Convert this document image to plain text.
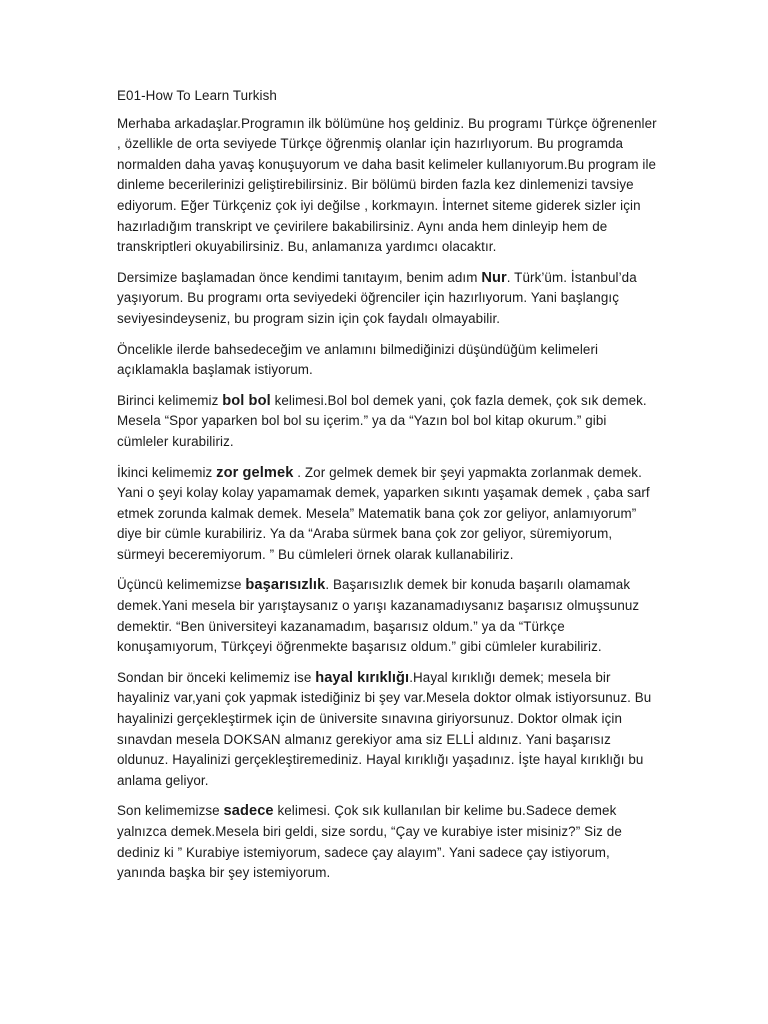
E01-How To Learn Turkish

Merhaba arkadaşlar.Programın ilk bölümüne hoş geldiniz. Bu programı Türkçe öğrenenler , özellikle de orta seviyede Türkçe öğrenmiş olanlar için hazırlıyorum. Bu programda normalden daha yavaş konuşuyorum ve daha basit kelimeler kullanıyorum.Bu program ile dinleme becerilerinizi geliştirebilirsiniz. Bir bölümü birden fazla kez dinlemenizi tavsiye ediyorum. Eğer Türkçeniz çok iyi değilse , korkmayın. İnternet siteme giderek sizler için hazırladığım transkript ve çevirilere bakabilirsiniz. Aynı anda hem dinleyip hem de transkriptleri okuyabilirsiniz. Bu, anlamanıza yardımcı olacaktır.

Dersimize başlamadan önce kendimi tanıtayım, benim adım Nur. Türk’üm. İstanbul’da yaşıyorum. Bu programı orta seviyedeki öğrenciler için hazırlıyorum. Yani başlangıç seviyesindeyseniz, bu program sizin için çok faydalı olmayabilir.

Öncelikle ilerde bahsedeceğim ve anlamını bilmediğinizi düşündüğüm kelimeleri açıklamakla başlamak istiyorum.

Birinci kelimemiz bol bol kelimesi.Bol bol demek yani, çok fazla demek, çok sık demek. Mesela “Spor yaparken bol bol su içerim.” ya da “Yazın bol bol kitap okurum.” gibi cümleler kurabiliriz.

İkinci kelimemiz zor gelmek . Zor gelmek demek bir şeyi yapmakta zorlanmak demek. Yani o şeyi kolay kolay yapamamak demek, yaparken sıkıntı yaşamak demek , çaba sarf etmek zorunda kalmak demek. Mesela” Matematik bana çok zor geliyor, anlamıyorum” diye bir cümle kurabiliriz. Ya da “Araba sürmek bana çok zor geliyor, süremiyorum, sürmeyi beceremiyorum. ” Bu cümleleri örnek olarak kullanabiliriz.

Üçüncü kelimemizse başarısızlık. Başarısızlık demek bir konuda başarılı olamamak demek.Yani mesela bir yarıştaysanız o yarışı kazanamadıysanız başarısız olmuşsunuz demektir. “Ben üniversiteyi kazanamadım, başarısız oldum.” ya da “Türkçe konuşamıyorum, Türkçeyi öğrenmekte başarısız oldum.” gibi cümleler kurabiliriz.

Sondan bir önceki kelimemiz ise hayal kırıklığı.Hayal kırıklığı demek; mesela bir hayaliniz var,yani çok yapmak istediğiniz bi şey var.Mesela doktor olmak istiyorsunuz. Bu hayalinizi gerçekleştirmek için de üniversite sınavına giriyorsunuz. Doktor olmak için sınavdan mesela DOKSAN almanız gerekiyor ama siz ELLİ aldınız. Yani başarısız oldunuz. Hayalinizi gerçekleştiremediniz. Hayal kırıklığı yaşadınız. İşte hayal kırıklığı bu anlama geliyor.

Son kelimemizse sadece kelimesi. Çok sık kullanılan bir kelime bu.Sadece demek yalnızca demek.Mesela biri geldi, size sordu, “Çay ve kurabiye ister misiniz?” Siz de dediniz ki ” Kurabiye istemiyorum, sadece çay alayım”. Yani sadece çay istiyorum, yanında başka bir şey istemiyorum.
